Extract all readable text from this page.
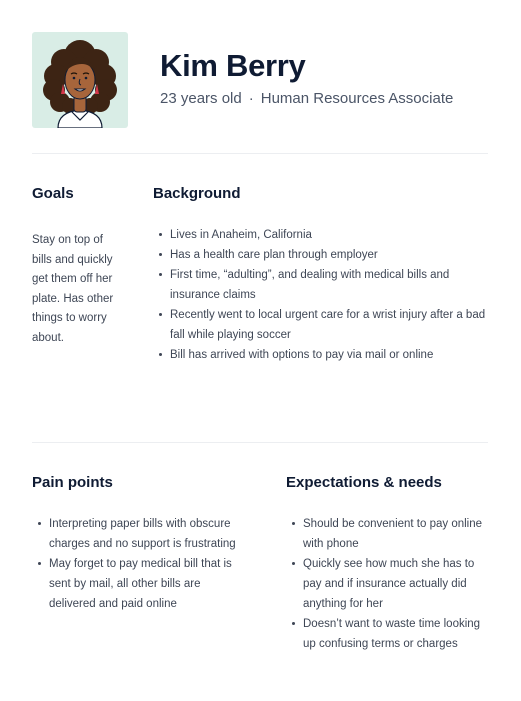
Kim Berry
23 years old · Human Resources Associate
Goals
Stay on top of bills and quickly get them off her plate. Has other things to worry about.
Background
Lives in Anaheim, California
Has a health care plan through employer
First time, “adulting”, and dealing with medical bills and insurance claims
Recently went to local urgent care for a wrist injury after a bad fall while playing soccer
Bill has arrived with options to pay via mail or online
Pain points
Interpreting paper bills with obscure charges and no support is frustrating
May forget to pay medical bill that is sent by mail, all other bills are delivered and paid online
Expectations & needs
Should be convenient to pay online with phone
Quickly see how much she has to pay and if insurance actually did anything for her
Doesn’t want to waste time looking up confusing terms or charges
